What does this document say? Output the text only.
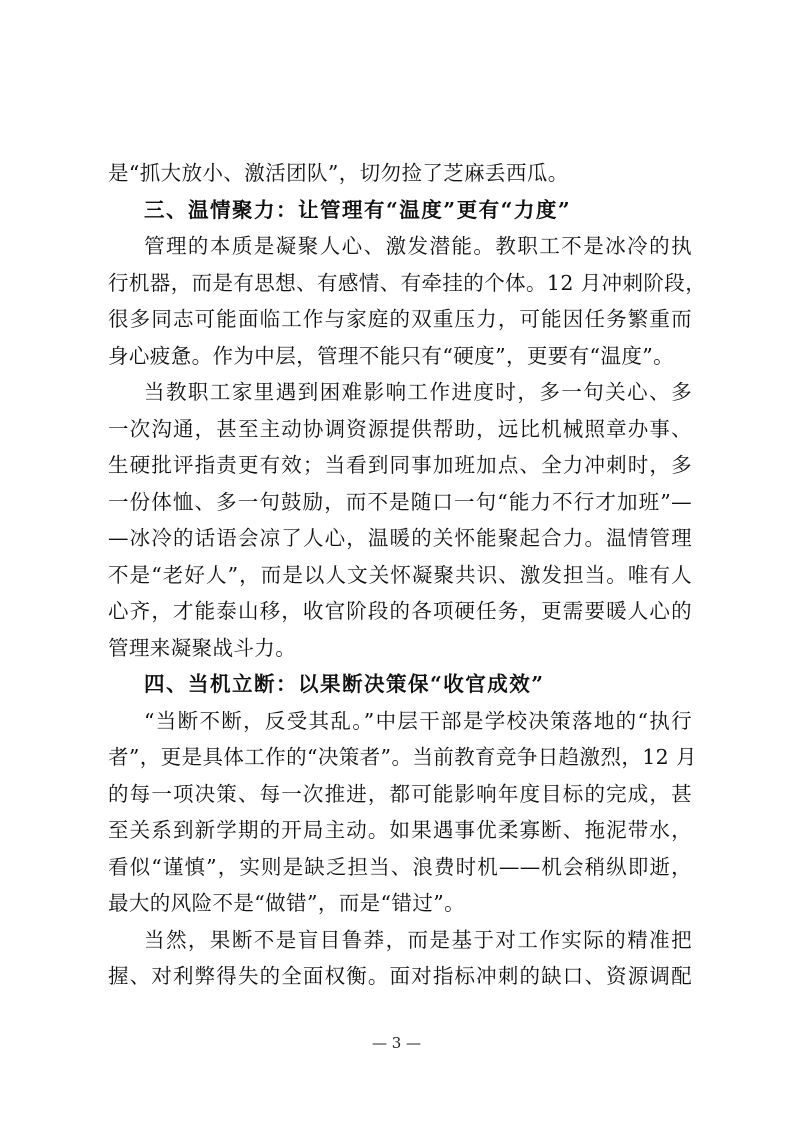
是“抓大放小、激活团队”，切勿捡了芝麻丢西瓜。
三、温情聚力：让管理有“温度”更有“力度”
管理的本质是凝聚人心、激发潜能。教职工不是冰冷的执
行机器，而是有思想、有感情、有牵挂的个体。12 月冲刺阶段，
很多同志可能面临工作与家庭的双重压力，可能因任务繁重而
身心疲惫。作为中层，管理不能只有“硬度”，更要有“温度”。
当教职工家里遇到困难影响工作进度时，多一句关心、多
一次沟通，甚至主动协调资源提供帮助，远比机械照章办事、
生硬批评指责更有效；当看到同事加班加点、全力冲刺时，多
一份体恤、多一句鼓励，而不是随口一句“能力不行才加班”—
—冰冷的话语会凉了人心，温暖的关怀能聚起合力。温情管理
不是“老好人”，而是以人文关怀凝聚共识、激发担当。唯有人
心齐，才能泰山移，收官阶段的各项硬任务，更需要暖人心的
管理来凝聚战斗力。
四、当机立断：以果断决策保“收官成效”
“当断不断，反受其乱。”中层干部是学校决策落地的“执行
者”，更是具体工作的“决策者”。当前教育竞争日趋激烈，12 月
的每一项决策、每一次推进，都可能影响年度目标的完成，甚
至关系到新学期的开局主动。如果遇事优柔寡断、拖泥带水，
看似“谨慎”，实则是缺乏担当、浪费时机——机会稍纵即逝，
最大的风险不是“做错”，而是“错过”。
当然，果断不是盲目鲁莽，而是基于对工作实际的精准把
握、对利弊得失的全面权衡。面对指标冲刺的缺口、资源调配
— 3 —
